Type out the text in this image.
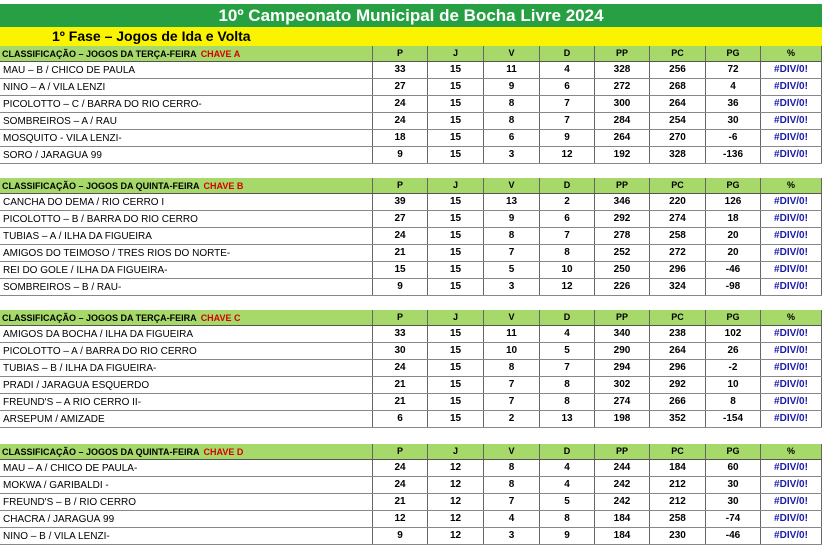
10º Campeonato Municipal de Bocha Livre 2024
1º Fase – Jogos de Ida e Volta
CLASSIFICAÇÃO – JOGOS DA TERÇA-FEIRA CHAVE A	P	J	V	D	PP	PC	PG	%
MAU – B / CHICO DE PAULA	33	15	11	4	328	256	72	#DIV/0!
NINO – A / VILA LENZI	27	15	9	6	272	268	4	#DIV/0!
PICOLOTTO – C / BARRA DO RIO CERRO-	24	15	8	7	300	264	36	#DIV/0!
SOMBREIROS – A / RAU	24	15	8	7	284	254	30	#DIV/0!
MOSQUITO - VILA LENZI-	18	15	6	9	264	270	-6	#DIV/0!
SORO / JARAGUÁ 99	9	15	3	12	192	328	-136	#DIV/0!
CLASSIFICAÇÃO – JOGOS DA QUINTA-FEIRA CHAVE B	P	J	V	D	PP	PC	PG	%
CANCHA DO DEMA / RIO CERRO I	39	15	13	2	346	220	126	#DIV/0!
PICOLOTTO – B / BARRA DO RIO CERRO	27	15	9	6	292	274	18	#DIV/0!
TUBIAS – A / ILHA DA FIGUEIRA	24	15	8	7	278	258	20	#DIV/0!
AMIGOS DO TEIMOSO / TRÊS RIOS DO NORTE-	21	15	7	8	252	272	20	#DIV/0!
REI DO GOLE / ILHA DA FIGUEIRA-	15	15	5	10	250	296	-46	#DIV/0!
SOMBREIROS – B / RAU-	9	15	3	12	226	324	-98	#DIV/0!
CLASSIFICAÇÃO – JOGOS DA TERÇA-FEIRA CHAVE C	P	J	V	D	PP	PC	PG	%
AMIGOS DA BOCHA / ILHA DA FIGUEIRA	33	15	11	4	340	238	102	#DIV/0!
PICOLOTTO – A / BARRA DO RIO CERRO	30	15	10	5	290	264	26	#DIV/0!
TUBIAS – B / ILHA DA FIGUEIRA-	24	15	8	7	294	296	-2	#DIV/0!
PRADI / JARAGUÁ ESQUERDO	21	15	7	8	302	292	10	#DIV/0!
FREUND'S – A RIO CERRO II-	21	15	7	8	274	266	8	#DIV/0!
ARSEPUM / AMIZADE	6	15	2	13	198	352	-154	#DIV/0!
CLASSIFICAÇÃO – JOGOS DA QUINTA-FEIRA CHAVE D	P	J	V	D	PP	PC	PG	%
MAU – A / CHICO DE PAULA-	24	12	8	4	244	184	60	#DIV/0!
MOKWA / GARIBALDI -	24	12	8	4	242	212	30	#DIV/0!
FREUND'S – B / RIO CERRO	21	12	7	5	242	212	30	#DIV/0!
CHACRA / JARAGUÁ 99	12	12	4	8	184	258	-74	#DIV/0!
NINO – B / VILA LENZI-	9	12	3	9	184	230	-46	#DIV/0!
